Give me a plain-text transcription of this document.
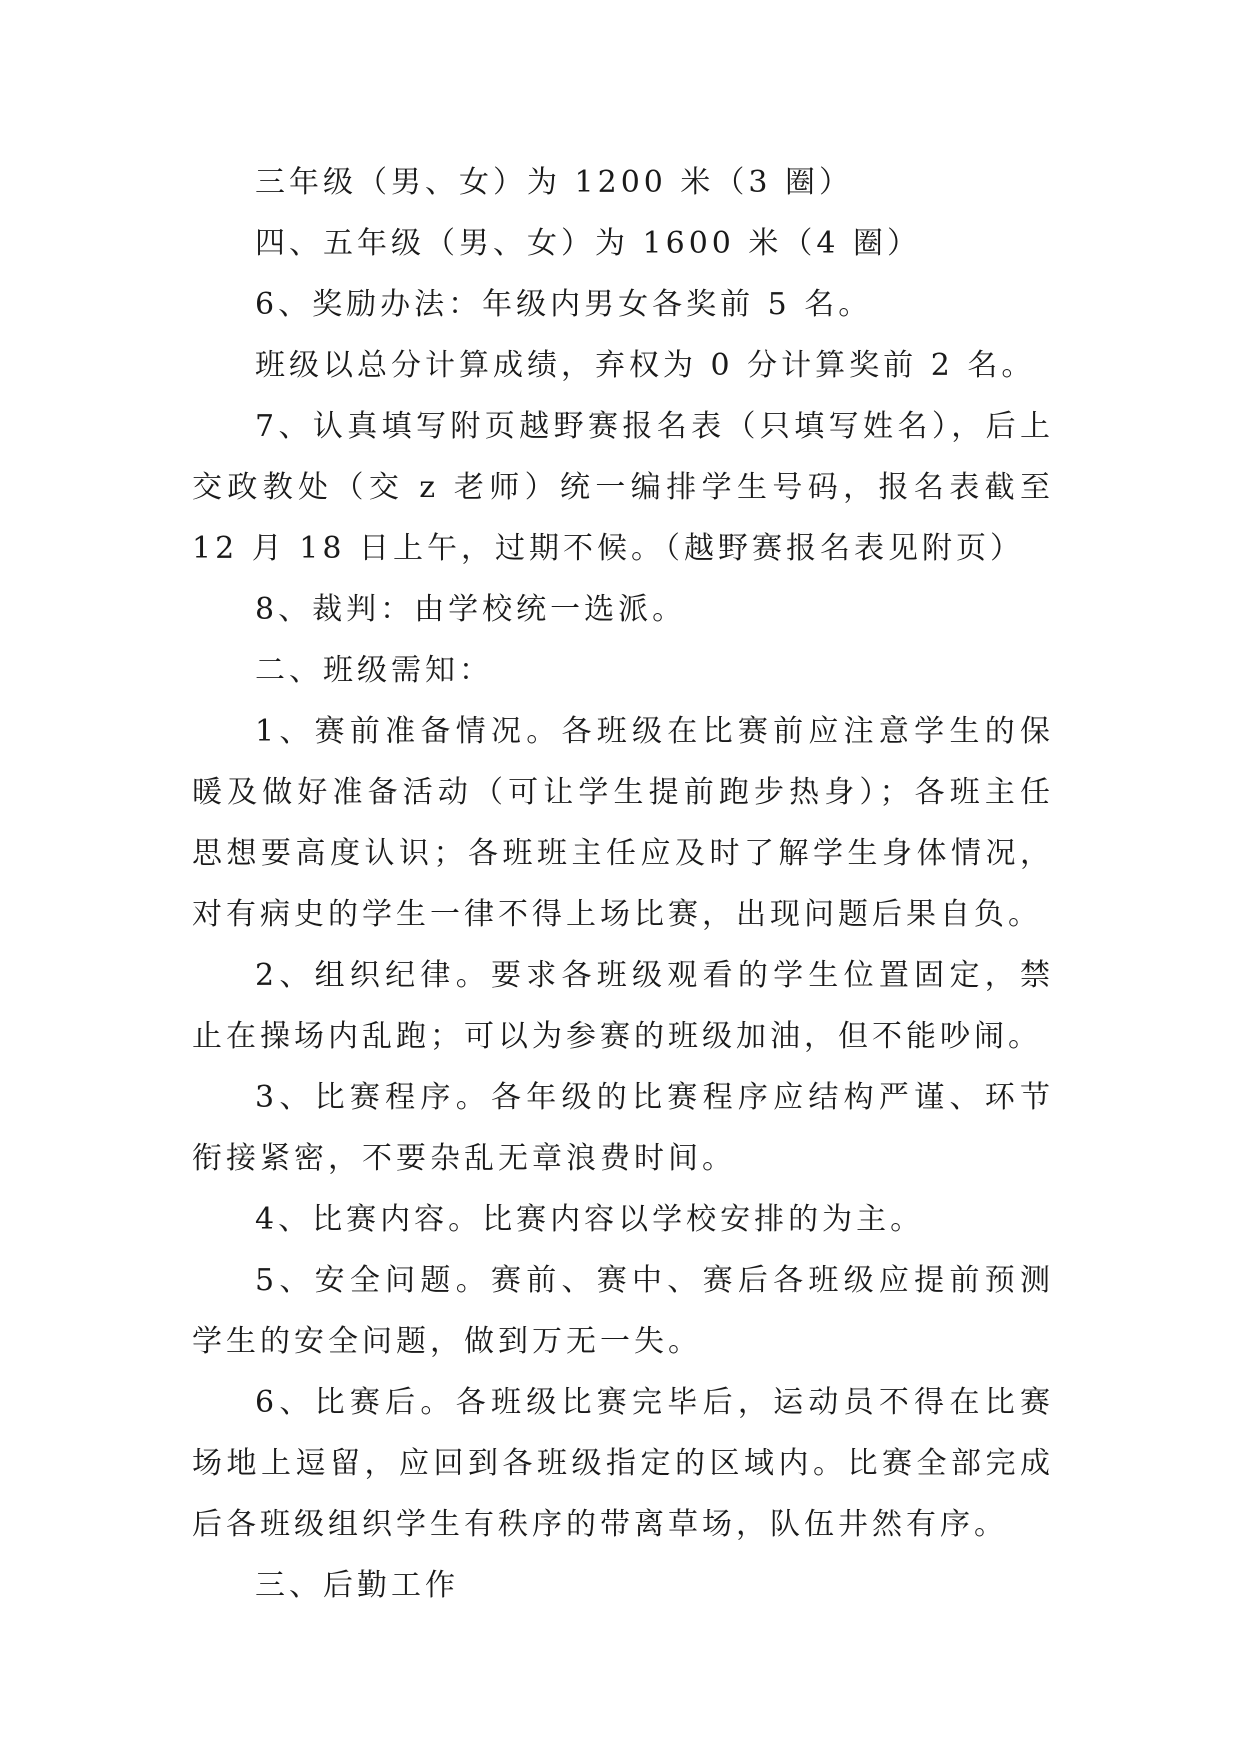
三年级（男、女）为 1200 米（3 圈）

四、五年级（男、女）为 1600 米（4 圈）

6、奖励办法：年级内男女各奖前 5 名。

班级以总分计算成绩，弃权为 0 分计算奖前 2 名。

7、认真填写附页越野赛报名表（只填写姓名），后上交政教处（交 z 老师）统一编排学生号码，报名表截至 12 月 18 日上午，过期不候。（越野赛报名表见附页）

8、裁判：由学校统一选派。

二、班级需知：

1、赛前准备情况。各班级在比赛前应注意学生的保暖及做好准备活动（可让学生提前跑步热身）；各班主任思想要高度认识；各班班主任应及时了解学生身体情况，对有病史的学生一律不得上场比赛，出现问题后果自负。

2、组织纪律。要求各班级观看的学生位置固定，禁止在操场内乱跑；可以为参赛的班级加油，但不能吵闹。

3、比赛程序。各年级的比赛程序应结构严谨、环节衔接紧密，不要杂乱无章浪费时间。

4、比赛内容。比赛内容以学校安排的为主。

5、安全问题。赛前、赛中、赛后各班级应提前预测学生的安全问题，做到万无一失。

6、比赛后。各班级比赛完毕后，运动员不得在比赛场地上逗留，应回到各班级指定的区域内。比赛全部完成后各班级组织学生有秩序的带离草场，队伍井然有序。

三、后勤工作
